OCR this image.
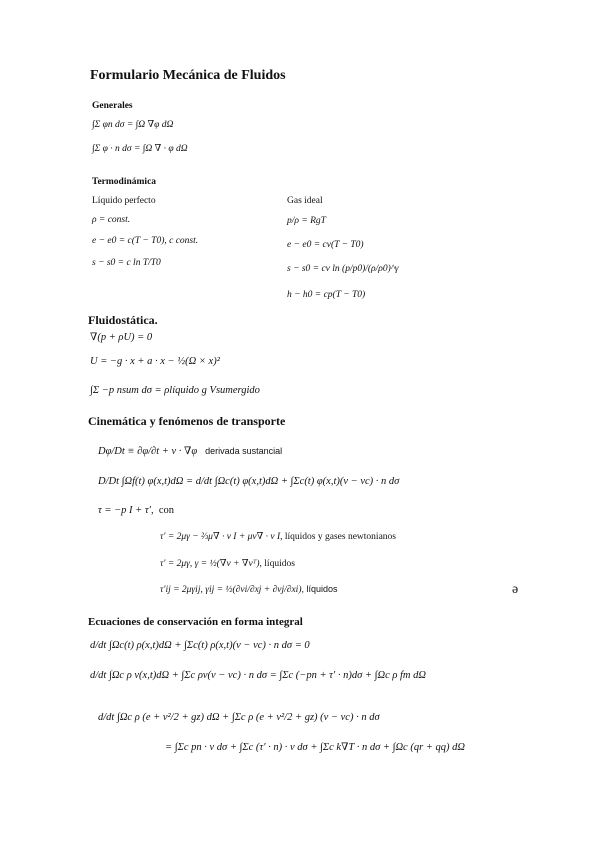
Formulario Mecánica de Fluidos
Generales
∫Σ φn dσ = ∫Ω ∇φ dΩ
∫Σ φ · n dσ = ∫Ω ∇ · φ dΩ
Termodinámica
Líquido perfecto
ρ = const.
e − e0 = c(T − T0), c const.
s − s0 = c ln T/T0
Gas ideal
p/ρ = RgT
e − e0 = cv(T − T0)
s − s0 = cv ln (p/p0)/(ρ/ρ0)^γ
h − h0 = cp(T − T0)
Fluidostática.
∇(p + ρU) = 0
U = −g · x + a · x − ½(Ω × x)²
∫Σ −p nsum dσ = ρlíquido g Vsumergido
Cinemática y fenómenos de transporte
Dφ/Dt ≡ ∂φ/∂t + v · ∇φ derivada sustancial
D/Dt ∫Ωf(t) φ(x,t)dΩ = d/dt ∫Ωc(t) φ(x,t)dΩ + ∫Σc(t) φ(x,t)(v − vc) · n dσ
τ = −p I + τ′, con
τ′ = 2μγ − ⅔μ∇ · v I + μv∇ · v I, líquidos y gases newtonianos
τ′ = 2μγ, γ = ½(∇v + ∇vᵀ), líquidos
τ′ij = 2μγij, γij = ½(∂vi/∂xj + ∂vj/∂xi), líquidos	ə
Ecuaciones de conservación en forma integral
d/dt ∫Ωc(t) ρ(x,t)dΩ + ∫Σc(t) ρ(x,t)(v − vc) · n dσ = 0
d/dt ∫Ωc ρ v(x,t)dΩ + ∫Σc ρv(v − vc) · n dσ = ∫Σc (−pn + τ′ · n)dσ + ∫Ωc ρ fm dΩ
d/dt ∫Ωc ρ (e + v²/2 + gz) dΩ + ∫Σc ρ (e + v²/2 + gz) (v − vc) · n dσ
= ∫Σc pn · v dσ + ∫Σc (τ′ · n) · v dσ + ∫Σc k∇T · n dσ + ∫Ωc (qr + qq) dΩ
